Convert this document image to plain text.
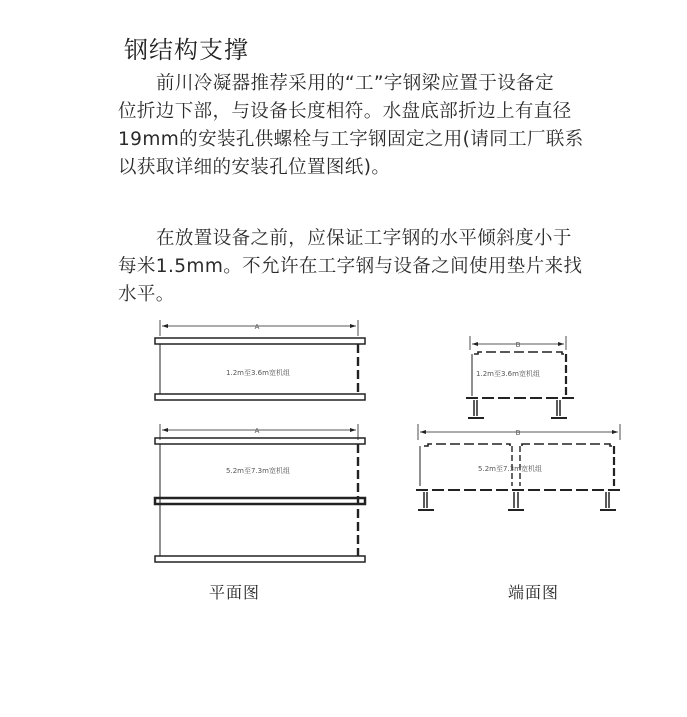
钢结构支撑
前川冷凝器推荐采用的“工”字钢梁应置于设备定
位折边下部，与设备长度相符。水盘底部折边上有直径
19mm的安装孔供螺栓与工字钢固定之用(请同工厂联系
以获取详细的安装孔位置图纸)。
在放置设备之前，应保证工字钢的水平倾斜度小于
每米1.5mm。不允许在工字钢与设备之间使用垫片来找
水平。
A
A
B
B
1.2m至3.6m宽机组
5.2m至7.3m宽机组
1.2m至3.6m宽机组
5.2m至7.3m宽机组
平面图	端面图
